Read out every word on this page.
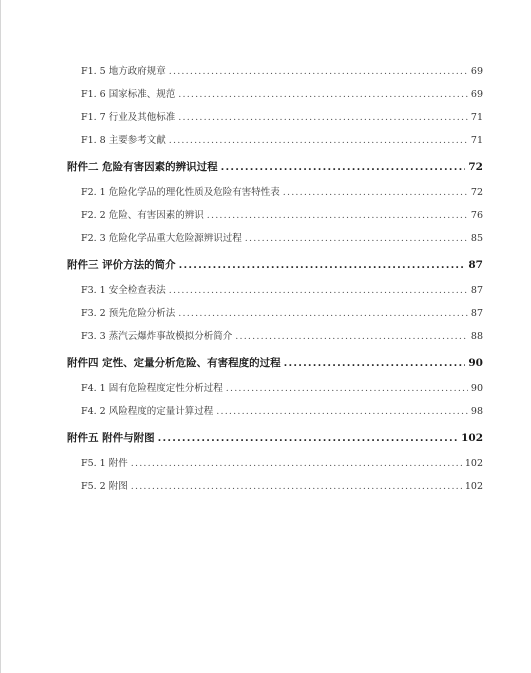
F1. 5 地方政府规章 .....	69
F1. 6 国家标准、规范 .....	69
F1. 7 行业及其他标准 .....	71
F1. 8 主要参考文献 .....	71
附件二 危险有害因素的辨识过程 .....	72
F2. 1 危险化学品的理化性质及危险有害特性表 .....	72
F2. 2 危险、有害因素的辨识 .....	76
F2. 3 危险化学品重大危险源辨识过程 .....	85
附件三 评价方法的简介 .....	87
F3. 1 安全检查表法 .....	87
F3. 2 预先危险分析法 .....	87
F3. 3 蒸汽云爆炸事故模拟分析简介 .....	88
附件四 定性、定量分析危险、有害程度的过程 .....	90
F4. 1 固有危险程度定性分析过程 .....	90
F4. 2 风险程度的定量计算过程 .....	98
附件五 附件与附图 .....	102
F5. 1 附件 .....	102
F5. 2 附图 .....	102
